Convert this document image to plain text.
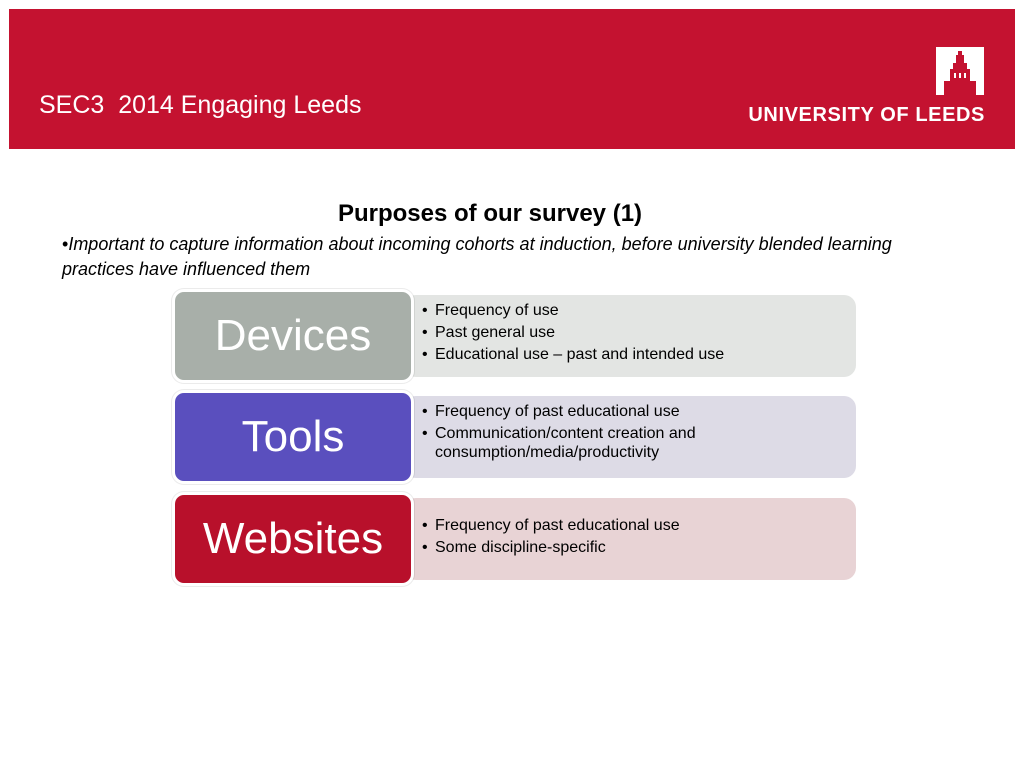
SEC3  2014 Engaging Leeds	UNIVERSITY OF LEEDS
Purposes of our survey (1)
•Important to capture information about incoming cohorts at induction, before university blended learning practices have influenced them
• Frequency of use
• Past general use
• Educational use – past and intended use
Devices
• Frequency of past educational use
• Communication/content creation and consumption/media/productivity
Tools
• Frequency of past educational use
• Some discipline-specific
Websites
